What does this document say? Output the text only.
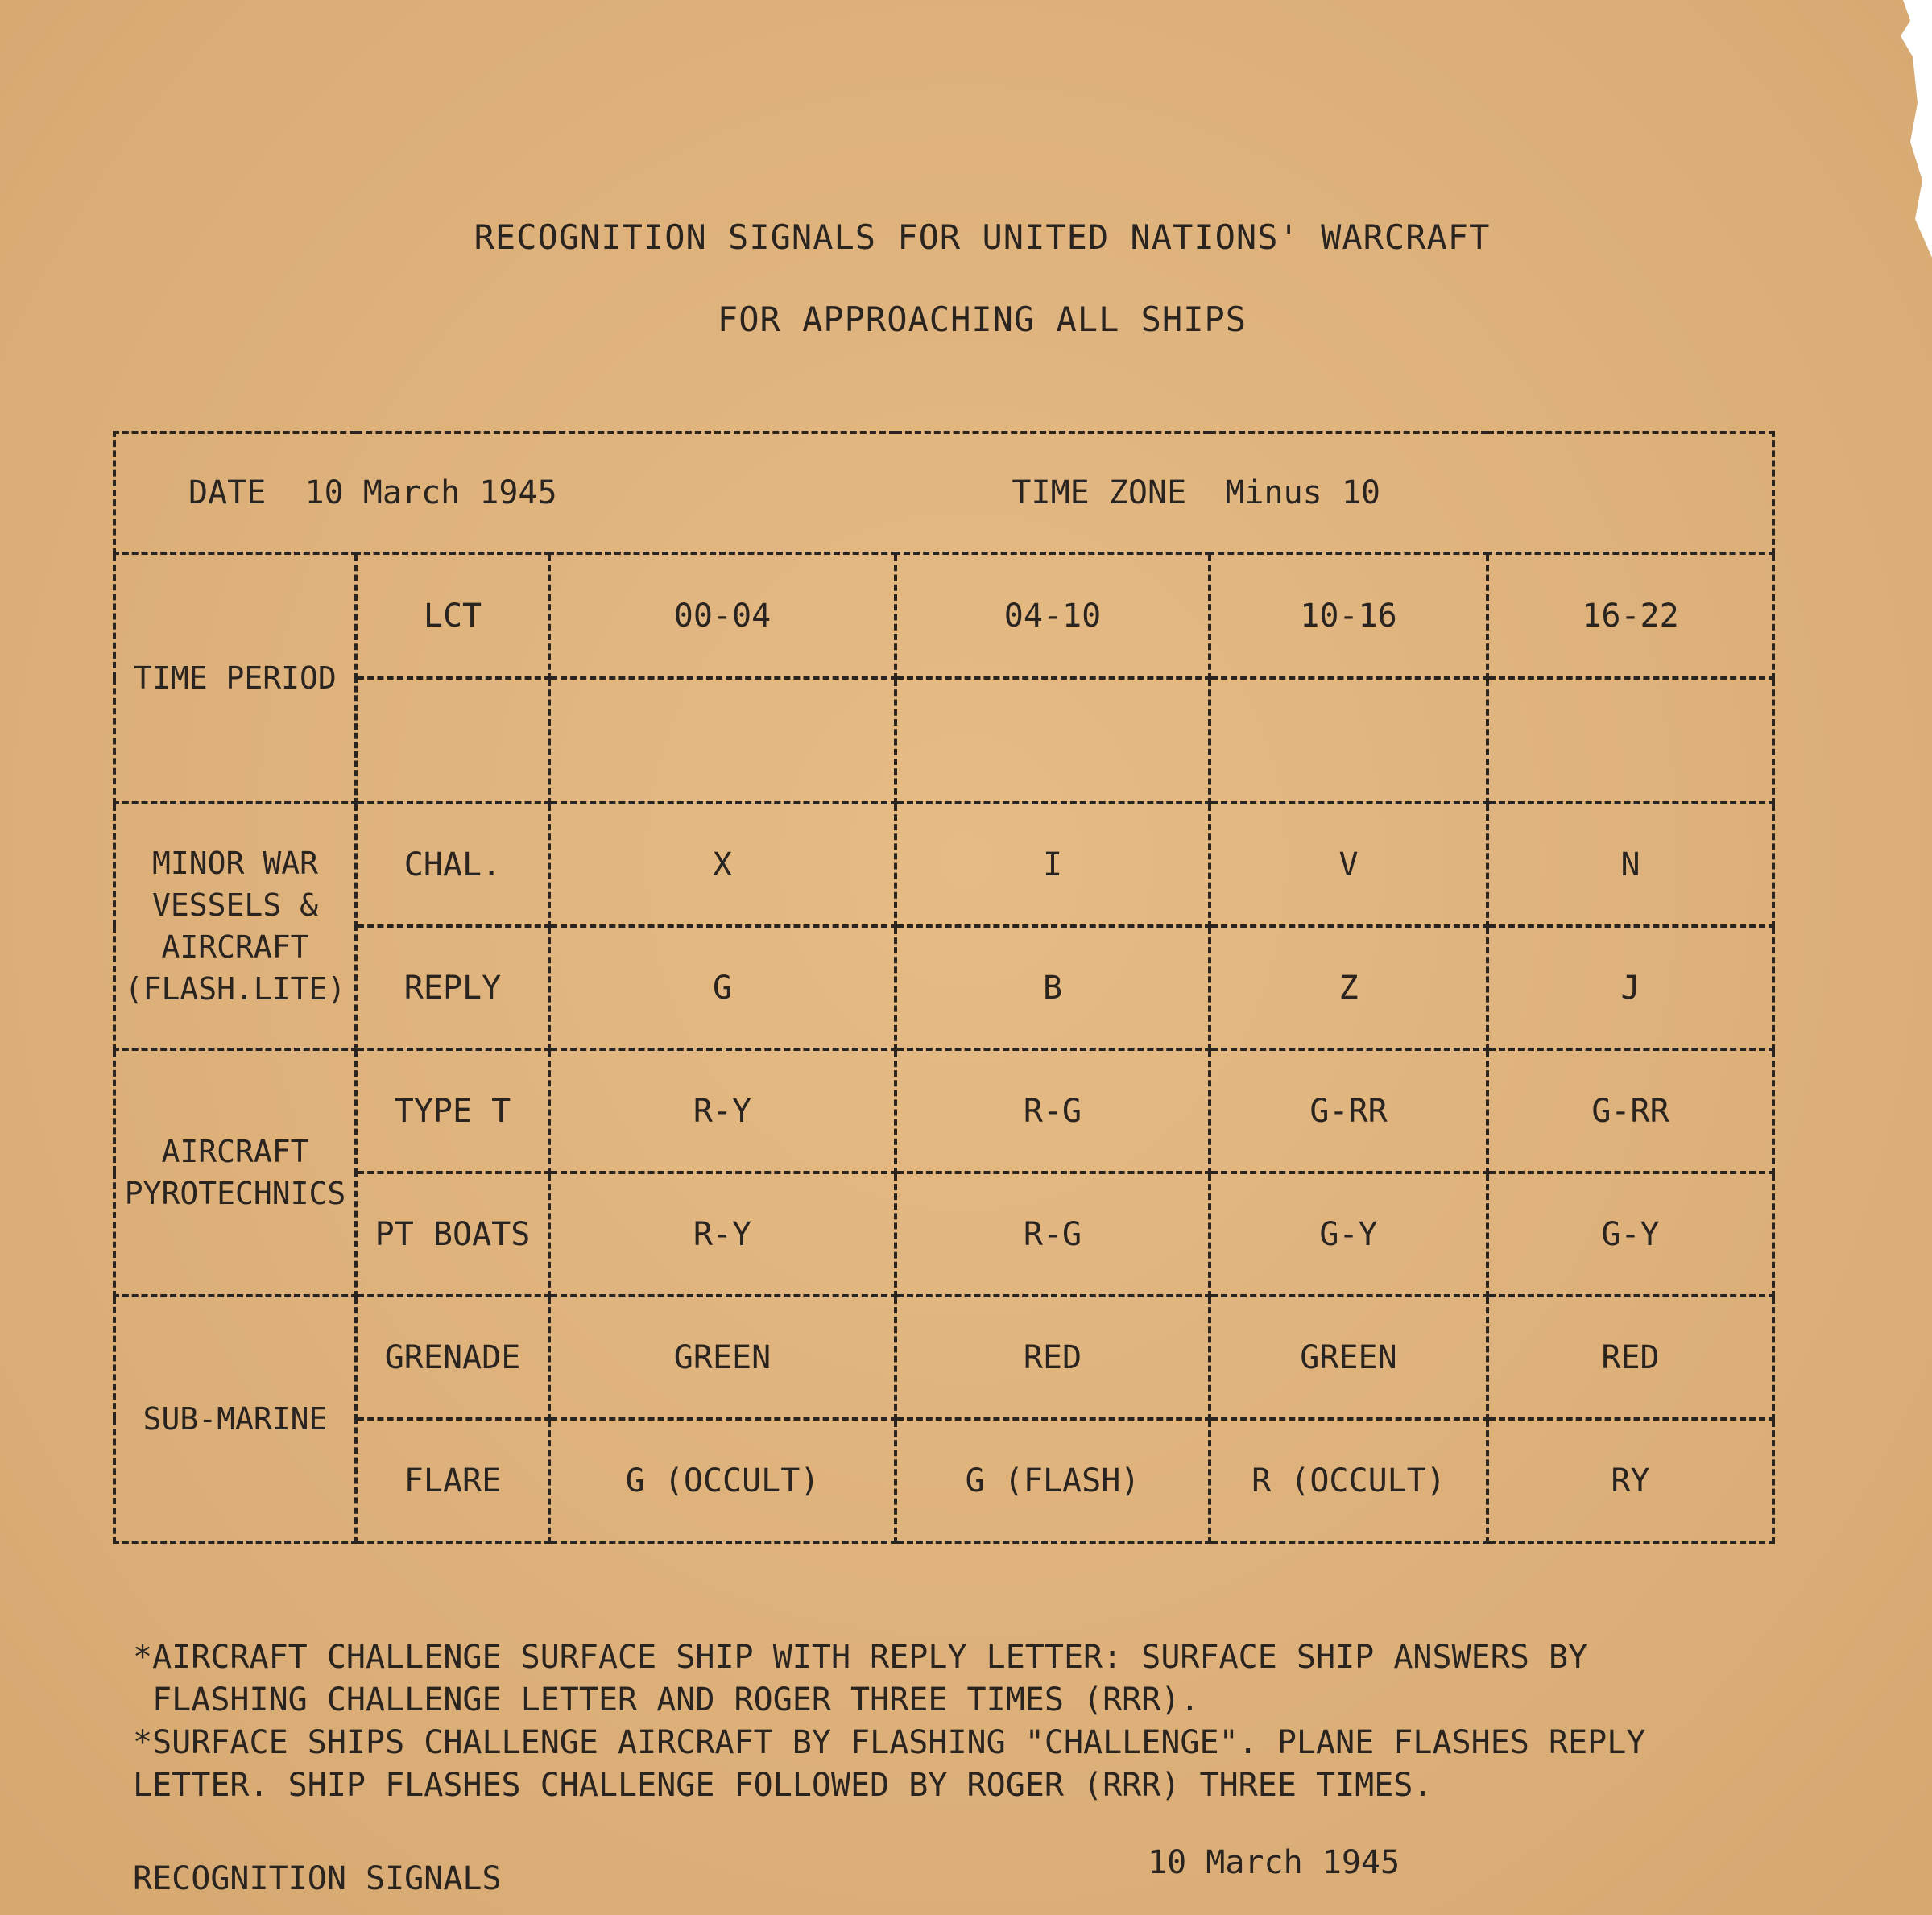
RECOGNITION SIGNALS FOR UNITED NATIONS' WARCRAFT
FOR APPROACHING ALL SHIPS
DATE 10 March 1945 TIME ZONE Minus 10					

TIME PERIOD	LCT	00-04	04-10	10-16	16-22

MINOR WAR VESSELS & AIRCRAFT (FLASH.LITE)	CHAL.	X	I	V	N
	REPLY	G	B	Z	J
AIRCRAFT PYROTECHNICS	TYPE T	R-Y	R-G	G-RR	G-RR
	PT BOATS	R-Y	R-G	G-Y	G-Y
SUB-MARINE	GRENADE	GREEN	RED	GREEN	RED
	FLARE	G (OCCULT)	G (FLASH)	R (OCCULT)	RY
*AIRCRAFT CHALLENGE SURFACE SHIP WITH REPLY LETTER: SURFACE SHIP ANSWERS BY
FLASHING CHALLENGE LETTER AND ROGER THREE TIMES (RRR).
*SURFACE SHIPS CHALLENGE AIRCRAFT BY FLASHING "CHALLENGE". PLANE FLASHES REPLY
LETTER. SHIP FLASHES CHALLENGE FOLLOWED BY ROGER (RRR) THREE TIMES.
RECOGNITION SIGNALS	10 March 1945
